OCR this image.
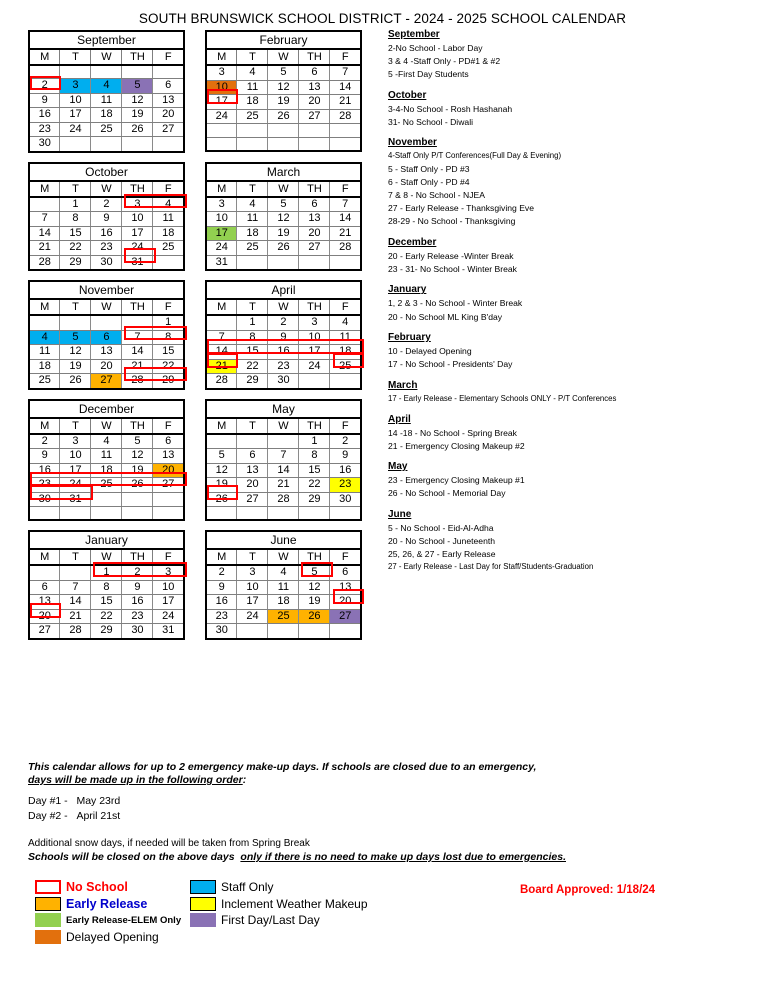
SOUTH BRUNSWICK SCHOOL DISTRICT - 2024 - 2025 SCHOOL CALENDAR
September				
M	T	W	TH	F

2	3	4	5	6
9	10	11	12	13
16	17	18	19	20
23	24	25	26	27
30				
February				
M	T	W	TH	F
3	4	5	6	7
10	11	12	13	14
17	18	19	20	21
24	25	26	27	28

October				
M	T	W	TH	F
	1	2	3	4
7	8	9	10	11
14	15	16	17	18
21	22	23	24	25
28	29	30	31	
March				
M	T	W	TH	F
3	4	5	6	7
10	11	12	13	14
17	18	19	20	21
24	25	26	27	28
31				
November				
M	T	W	TH	F
				1
4	5	6	7	8
11	12	13	14	15
18	19	20	21	22
25	26	27	28	29
April				
M	T	W	TH	F
	1	2	3	4
7	8	9	10	11
14	15	16	17	18
21	22	23	24	25
28	29	30		
December				
M	T	W	TH	F
2	3	4	5	6
9	10	11	12	13
16	17	18	19	20
23	24	25	26	27
30	31			

May				
M	T	W	TH	F
			1	2
5	6	7	8	9
12	13	14	15	16
19	20	21	22	23
26	27	28	29	30

January				
M	T	W	TH	F
		1	2	3
6	7	8	9	10
13	14	15	16	17
20	21	22	23	24
27	28	29	30	31
June				
M	T	W	TH	F
2	3	4	5	6
9	10	11	12	13
16	17	18	19	20
23	24	25	26	27
30				
September
2-No School - Labor Day
3 & 4 -Staff Only - PD#1 & #2
5 -First Day Students
October
3-4-No School - Rosh Hashanah
31- No School - Diwali
November
4-Staff Only P/T Conferences(Full Day & Evening)
5 - Staff Only - PD #3
6 - Staff Only - PD #4
7 & 8 - No School - NJEA
27 - Early Release - Thanksgiving Eve
28-29 - No School - Thanksgiving
December
20 - Early Release -Winter Break
23 - 31- No School - Winter Break
January
1, 2 & 3 - No School - Winter Break
20 - No School ML King B'day
February
10 - Delayed Opening
17 - No School - Presidents' Day
March
17 - Early Release - Elementary Schools ONLY - P/T Conferences
April
14 -18 - No School - Spring Break
21 - Emergency Closing Makeup #2
May
23 - Emergency Closing Makeup #1
26 - No School - Memorial Day
June
5 - No School - Eid-Al-Adha
20 - No School - Juneteenth
25, 26, & 27 - Early Release
27 - Early Release - Last Day for Staff/Students-Graduation
This calendar allows for up to 2 emergency make-up days. If schools are closed due to an emergency,
days will be made up in the following order:
Day #1 - May 23rd
Day #2 - April 21st
Additional snow days, if needed will be taken from Spring Break
Schools will be closed on the above days only if there is no need to make up days lost due to emergencies.
No School
Early Release
Early Release-ELEM Only
Delayed Opening
Staff Only
Inclement Weather Makeup
First Day/Last Day
Board Approved: 1/18/24
